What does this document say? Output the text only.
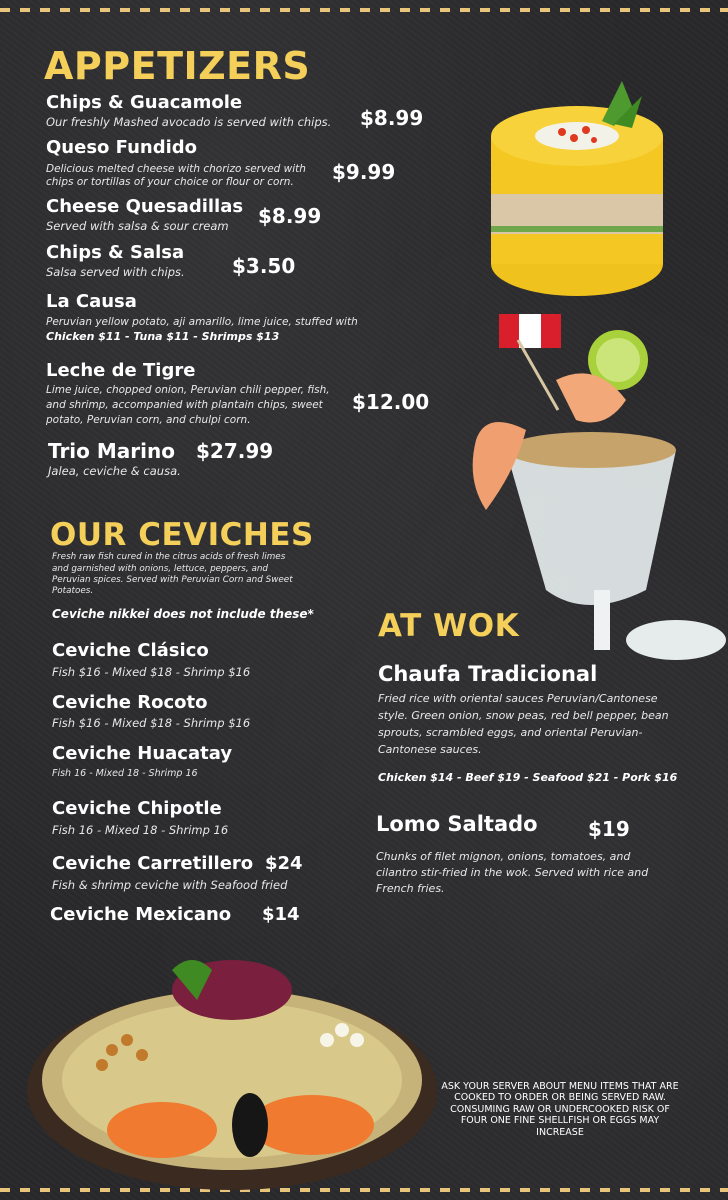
APPETIZERS
Chips & Guacamole
Our freshly Mashed avocado is served with chips. $8.99
Queso Fundido
Delicious melted cheese with chorizo served with
chips or tortillas of your choice or flour or corn. $9.99
Cheese Quesadillas
Served with salsa & sour cream $8.99
Chips & Salsa
Salsa served with chips. $3.50
La Causa
Peruvian yellow potato, aji amarillo, lime juice, stuffed with
Chicken $11 - Tuna $11 - Shrimps $13
Leche de Tigre
Lime juice, chopped onion, Peruvian chili pepper, fish,
and shrimp, accompanied with plantain chips, sweet
potato, Peruvian corn, and chulpi corn.
$12.00
Trio Marino $27.99
Jalea, ceviche & causa.
OUR CEVICHES
Fresh raw fish cured in the citrus acids of fresh limes
and garnished with onions, lettuce, peppers, and
Peruvian spices. Served with Peruvian Corn and Sweet
Potatoes.
Ceviche nikkei does not include these*
Ceviche Clásico
Fish $16 - Mixed $18 - Shrimp $16
Ceviche Rocoto
Fish $16 - Mixed $18 - Shrimp $16
Ceviche Huacatay
Fish 16 - Mixed 18 - Shrimp 16
Ceviche Chipotle
Fish 16 - Mixed 18 - Shrimp 16
Ceviche Carretillero $24
Fish & shrimp ceviche with Seafood fried
Ceviche Mexicano $14
AT WOK
Chaufa Tradicional
Fried rice with oriental sauces Peruvian/Cantonese
style. Green onion, snow peas, red bell pepper, bean
sprouts, scrambled eggs, and oriental Peruvian-
Cantonese sauces.
Chicken $14 - Beef $19 - Seafood $21 - Pork $16
Lomo Saltado	$19
Chunks of filet mignon, onions, tomatoes, and
cilantro stir-fried in the wok. Served with rice and
French fries.
ASK YOUR SERVER ABOUT MENU ITEMS THAT ARE
COOKED TO ORDER OR BEING SERVED RAW.
CONSUMING RAW OR UNDERCOOKED RISK OF
FOUR ONE FINE SHELLFISH OR EGGS MAY
INCREASE
